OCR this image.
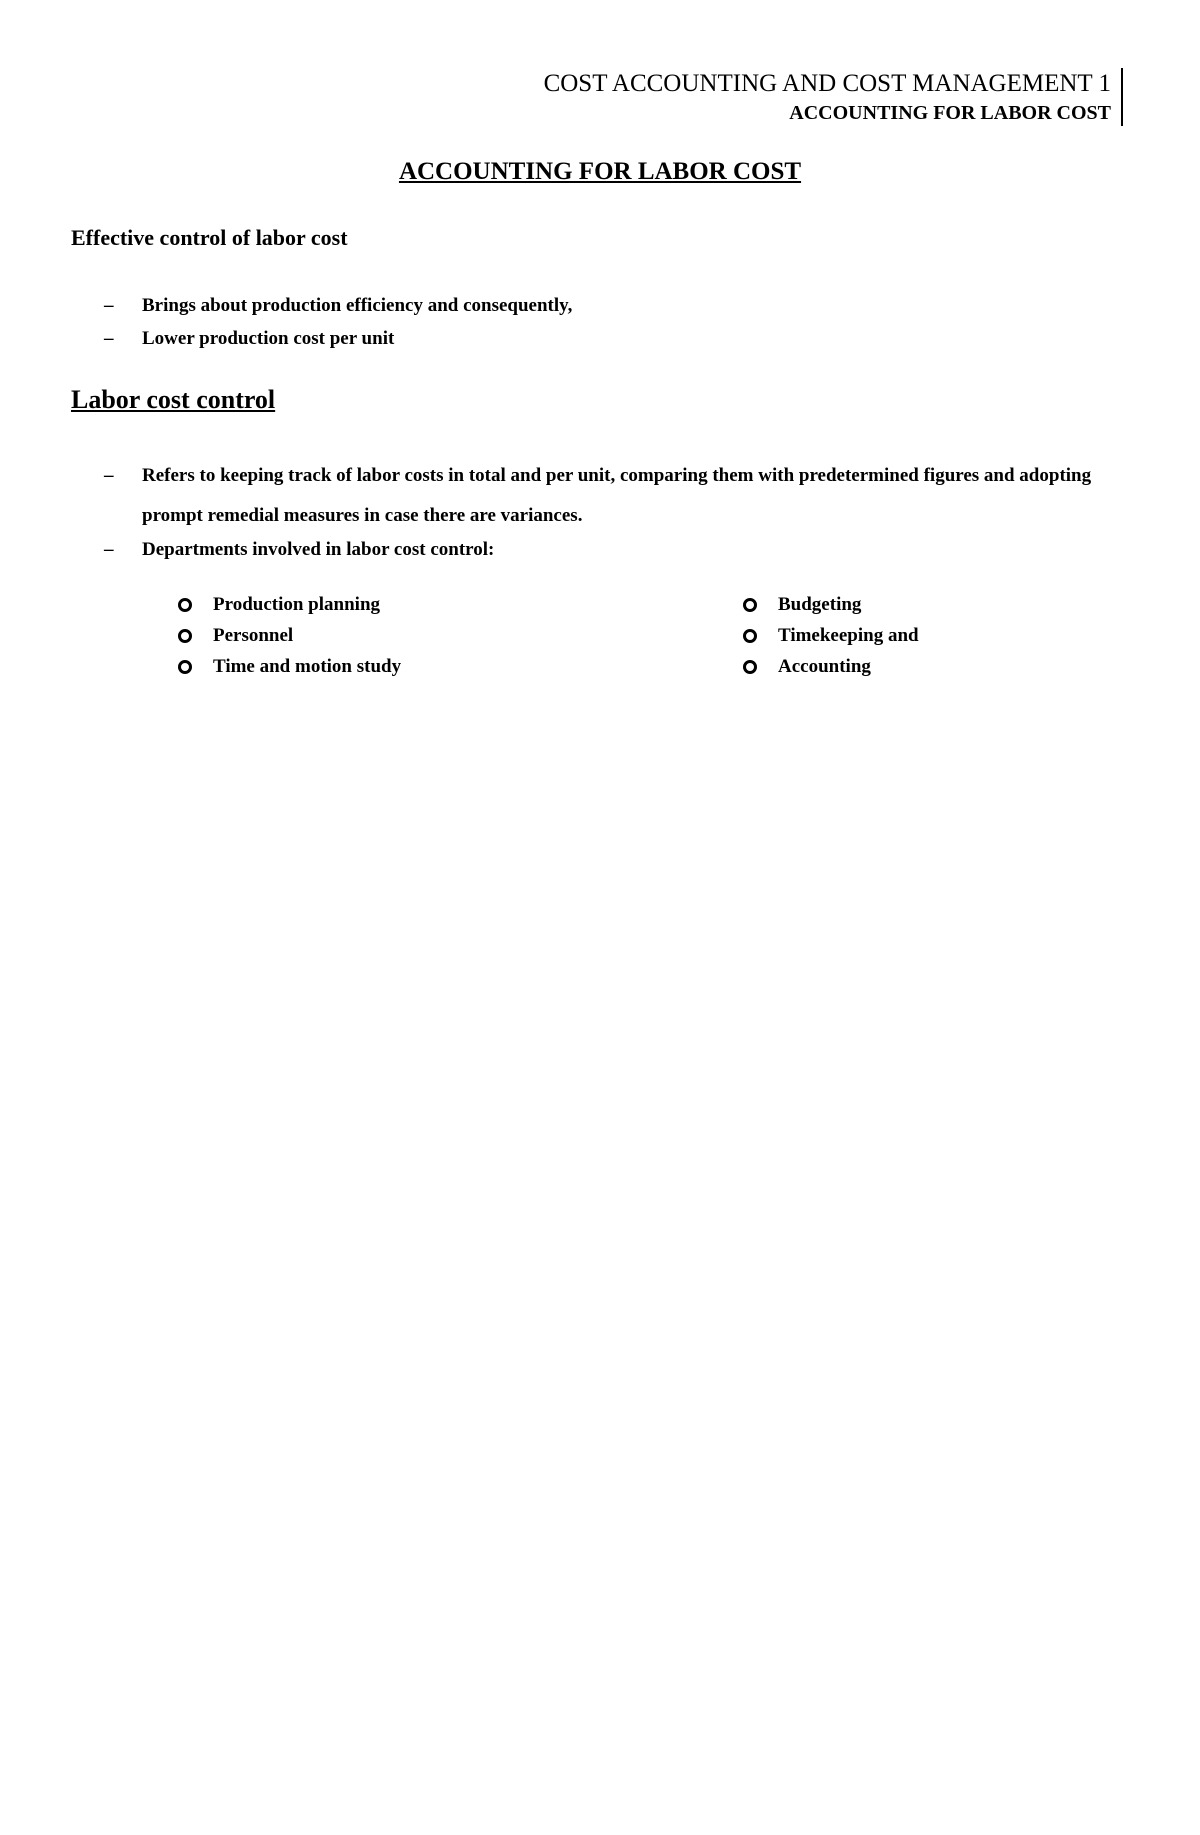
COST ACCOUNTING AND COST MANAGEMENT 1
ACCOUNTING FOR LABOR COST
ACCOUNTING FOR LABOR COST
Effective control of labor cost
– Brings about production efficiency and consequently,
– Lower production cost per unit
Labor cost control
– Refers to keeping track of labor costs in total and per unit, comparing them with predetermined figures and adopting prompt remedial measures in case there are variances.
– Departments involved in labor cost control:
Production planning
Personnel
Time and motion study
Budgeting
Timekeeping and
Accounting
